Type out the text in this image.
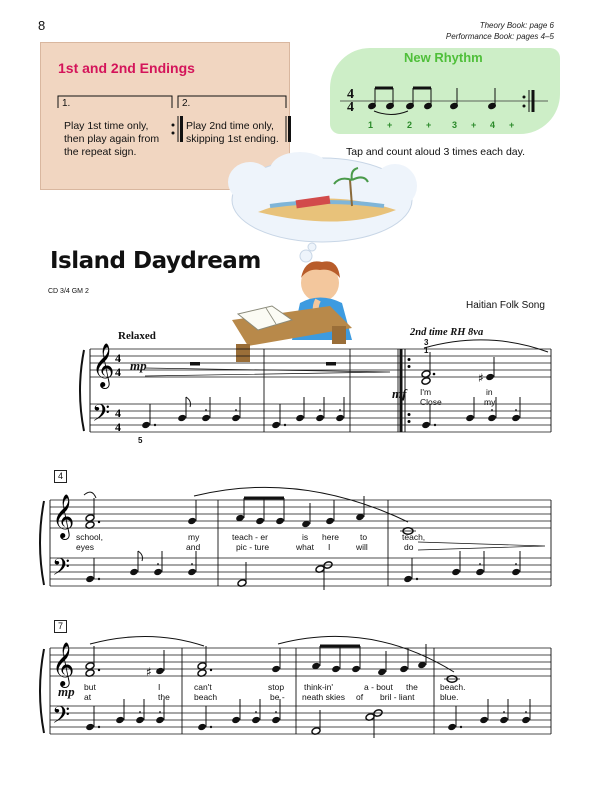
8	Theory Book: page 6
Performance Book: pages 4–5
1st and 2nd Endings
1.	2.
Play 1st time only,
then play again from
the repeat sign.
Play 2nd time only,
skipping 1st ending.
New Rhythm
4
4
1 + 2 + 3 + 4 +
Tap and count aloud 3 times each day.
Island Daydream
CD 3/4 GM 2
Haitian Folk Song
Relaxed	2nd time RH 8va
𝄞
𝄢
4
4
4
4
♯
mp
mf
5
3
1
I'm	in
Close	my
4
𝄞
𝄢
school,	my	teach - er	is here to	teach,
eyes	and	pic - ture	what I	will	do
7
𝄞
𝄢
♯
mp but	I	can't	stop think-in'	a - bout the	beach.
at	the	beach	be - neath skies of bril - liant	blue.
